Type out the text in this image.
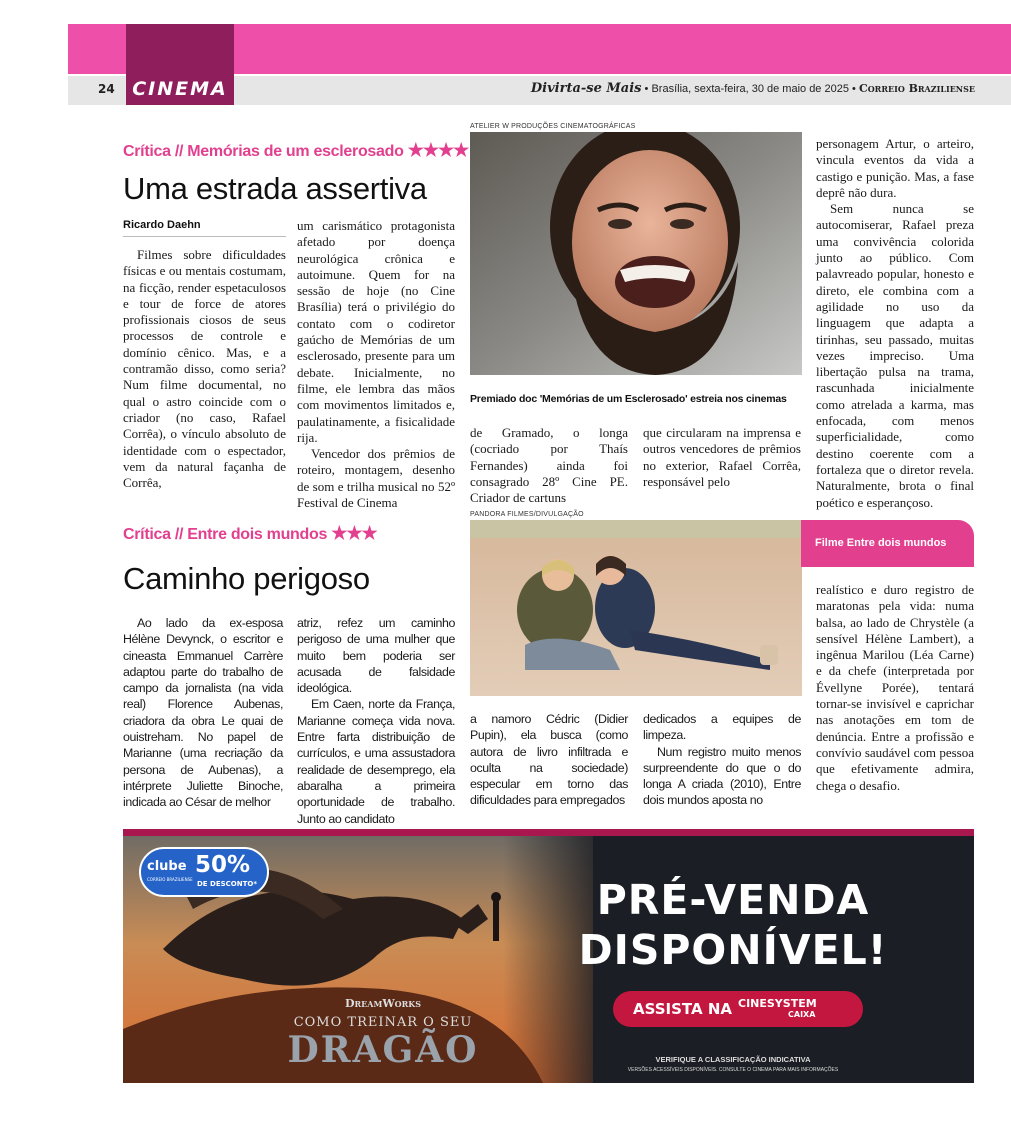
CINEMA
24	Divirta-se Mais • Brasília, sexta-feira, 30 de maio de 2025 • Correio Braziliense
Crítica // Memórias de um esclerosado ★★★★
Uma estrada assertiva
Ricardo Daehn

Filmes sobre dificuldades físicas e ou mentais costumam, na ficção, render espetaculosos e tour de force de atores profissionais ciosos de seus processos de controle e domínio cênico. Mas, e a contramão disso, como seria? Num filme documental, no qual o astro coincide com o criador (no caso, Rafael Corrêa), o vínculo absoluto de identidade com o espectador, vem da natural façanha de Corrêa,

um carismático protagonista afetado por doença neurológica crônica e autoimune. Quem for na sessão de hoje (no Cine Brasília) terá o privilégio do contato com o codiretor gaúcho de Memórias de um esclerosado, presente para um debate. Inicialmente, no filme, ele lembra das mãos com movimentos limitados e, paulatinamente, a fisicalidade rija.

Vencedor dos prêmios de roteiro, montagem, desenho de som e trilha musical no 52º Festival de Cinema

ATELIER W PRODUÇÕES CINEMATOGRÁFICAS
Premiado doc 'Memórias de um Esclerosado' estreia nos cinemas

de Gramado, o longa (cocriado por Thaís Fernandes) ainda foi consagrado 28º Cine PE. Criador de cartuns

que circularam na imprensa e outros vencedores de prêmios no exterior, Rafael Corrêa, responsável pelo

personagem Artur, o arteiro, vincula eventos da vida a castigo e punição. Mas, a fase deprê não dura.

Sem nunca se autocomiserar, Rafael preza uma convivência colorida junto ao público. Com palavreado popular, honesto e direto, ele combina com a agilidade no uso da linguagem que adapta a tirinhas, seu passado, muitas vezes impreciso. Uma libertação pulsa na trama, rascunhada inicialmente como atrelada a karma, mas enfocada, com menos superficialidade, como destino coerente com a fortaleza que o diretor revela. Naturalmente, brota o final poético e esperançoso.

Crítica // Entre dois mundos ★★★
Caminho perigoso

Ao lado da ex-esposa Hélène Devynck, o escritor e cineasta Emmanuel Carrère adaptou parte do trabalho de campo da jornalista (na vida real) Florence Aubenas, criadora da obra Le quai de ouistreham. No papel de Marianne (uma recriação da persona de Aubenas), a intérprete Juliette Binoche, indicada ao César de melhor

atriz, refez um caminho perigoso de uma mulher que muito bem poderia ser acusada de falsidade ideológica.

Em Caen, norte da França, Marianne começa vida nova. Entre farta distribuição de currículos, e uma assustadora realidade de desemprego, ela abaralha a primeira oportunidade de trabalho. Junto ao candidato

PANDORA FILMES/DIVULGAÇÃO
Filme Entre dois mundos

a namoro Cédric (Didier Pupin), ela busca (como autora de livro infiltrada e oculta na sociedade) especular em torno das dificuldades para empregados

dedicados a equipes de limpeza.

Num registro muito menos surpreendente do que o do longa A criada (2010), Entre dois mundos aposta no

realístico e duro registro de maratonas pela vida: numa balsa, ao lado de Chrystèle (a sensível Hélène Lambert), a ingênua Marilou (Léa Carne) e da chefe (interpretada por Évellyne Porée), tentará tornar-se invisível e caprichar nas anotações em tom de denúncia. Entre a profissão e convívio saudável com pessoa que efetivamente admira, chega o desafio.

clube
CORREIO BRAZILIENSE
50%
DE DESCONTO*
DreamWorks
COMO TREINAR O SEU
DRAGÃO
PRÉ-VENDA
DISPONÍVEL!
ASSISTA NA CINESYSTEM
CAIXA
VERIFIQUE A CLASSIFICAÇÃO INDICATIVA
VERSÕES ACESSÍVEIS DISPONÍVEIS. CONSULTE O CINEMA PARA MAIS INFORMAÇÕES
